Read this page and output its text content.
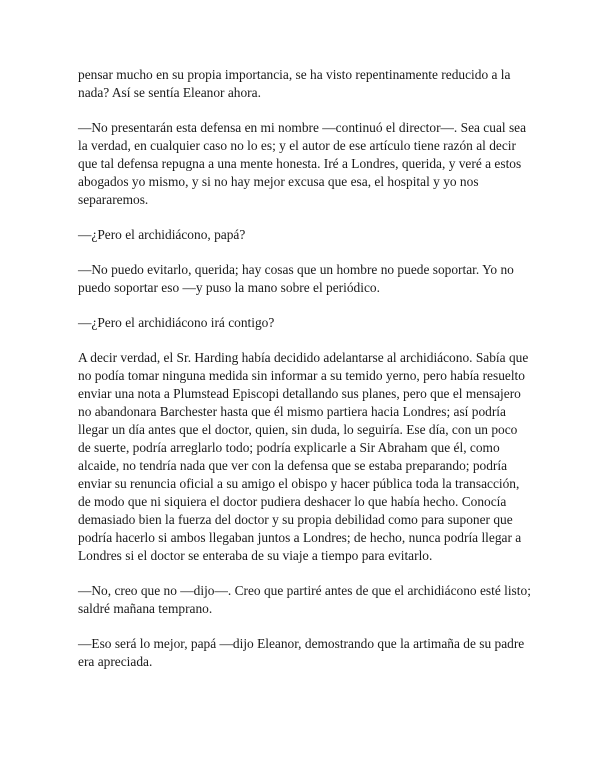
pensar mucho en su propia importancia, se ha visto repentinamente reducido a la nada? Así se sentía Eleanor ahora.

—No presentarán esta defensa en mi nombre —continuó el director—. Sea cual sea la verdad, en cualquier caso no lo es; y el autor de ese artículo tiene razón al decir que tal defensa repugna a una mente honesta. Iré a Londres, querida, y veré a estos abogados yo mismo, y si no hay mejor excusa que esa, el hospital y yo nos separaremos.

—¿Pero el archidiácono, papá?

—No puedo evitarlo, querida; hay cosas que un hombre no puede soportar. Yo no puedo soportar eso —y puso la mano sobre el periódico.

—¿Pero el archidiácono irá contigo?

A decir verdad, el Sr. Harding había decidido adelantarse al archidiácono. Sabía que no podía tomar ninguna medida sin informar a su temido yerno, pero había resuelto enviar una nota a Plumstead Episcopi detallando sus planes, pero que el mensajero no abandonara Barchester hasta que él mismo partiera hacia Londres; así podría llegar un día antes que el doctor, quien, sin duda, lo seguiría. Ese día, con un poco de suerte, podría arreglarlo todo; podría explicarle a Sir Abraham que él, como alcaide, no tendría nada que ver con la defensa que se estaba preparando; podría enviar su renuncia oficial a su amigo el obispo y hacer pública toda la transacción, de modo que ni siquiera el doctor pudiera deshacer lo que había hecho. Conocía demasiado bien la fuerza del doctor y su propia debilidad como para suponer que podría hacerlo si ambos llegaban juntos a Londres; de hecho, nunca podría llegar a Londres si el doctor se enteraba de su viaje a tiempo para evitarlo.

—No, creo que no —dijo—. Creo que partiré antes de que el archidiácono esté listo; saldré mañana temprano.

—Eso será lo mejor, papá —dijo Eleanor, demostrando que la artimaña de su padre era apreciada.
